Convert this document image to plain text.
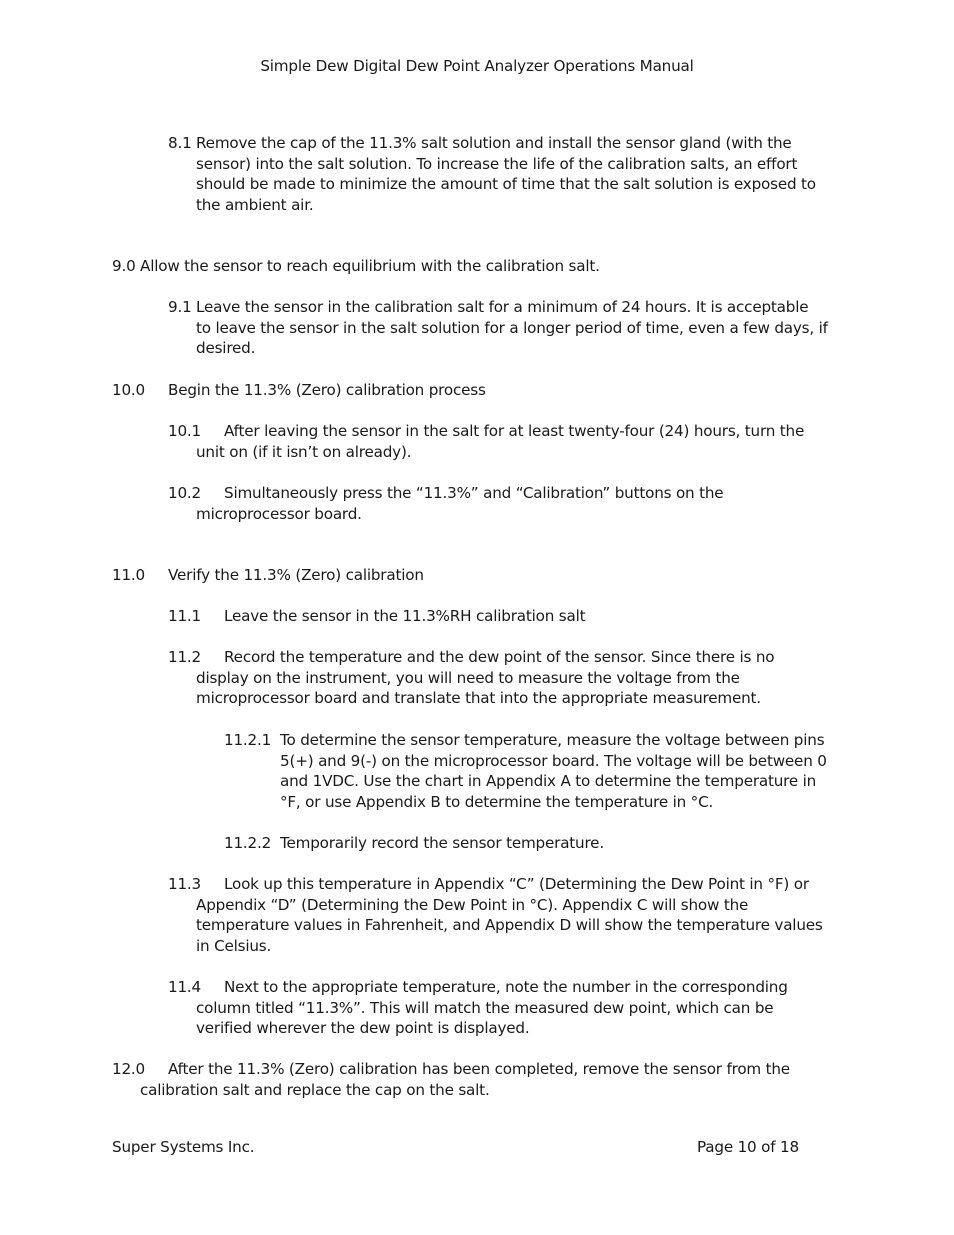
Simple Dew Digital Dew Point Analyzer Operations Manual
8.1 Remove the cap of the 11.3% salt solution and install the sensor gland (with the
sensor) into the salt solution. To increase the life of the calibration salts, an effort
should be made to minimize the amount of time that the salt solution is exposed to
the ambient air.
9.0 Allow the sensor to reach equilibrium with the calibration salt.
9.1 Leave the sensor in the calibration salt for a minimum of 24 hours. It is acceptable
to leave the sensor in the salt solution for a longer period of time, even a few days, if
desired.
10.0 Begin the 11.3% (Zero) calibration process
10.1 After leaving the sensor in the salt for at least twenty-four (24) hours, turn the
unit on (if it isn’t on already).
10.2 Simultaneously press the “11.3%” and “Calibration” buttons on the
microprocessor board.
11.0 Verify the 11.3% (Zero) calibration
11.1 Leave the sensor in the 11.3%RH calibration salt
11.2 Record the temperature and the dew point of the sensor. Since there is no
display on the instrument, you will need to measure the voltage from the
microprocessor board and translate that into the appropriate measurement.
11.2.1 To determine the sensor temperature, measure the voltage between pins
5(+) and 9(-) on the microprocessor board. The voltage will be between 0
and 1VDC. Use the chart in Appendix A to determine the temperature in
°F, or use Appendix B to determine the temperature in °C.
11.2.2 Temporarily record the sensor temperature.
11.3 Look up this temperature in Appendix “C” (Determining the Dew Point in °F) or
Appendix “D” (Determining the Dew Point in °C). Appendix C will show the
temperature values in Fahrenheit, and Appendix D will show the temperature values
in Celsius.
11.4 Next to the appropriate temperature, note the number in the corresponding
column titled “11.3%”. This will match the measured dew point, which can be
verified wherever the dew point is displayed.
12.0 After the 11.3% (Zero) calibration has been completed, remove the sensor from the
calibration salt and replace the cap on the salt.
Super Systems Inc.	Page 10 of 18
